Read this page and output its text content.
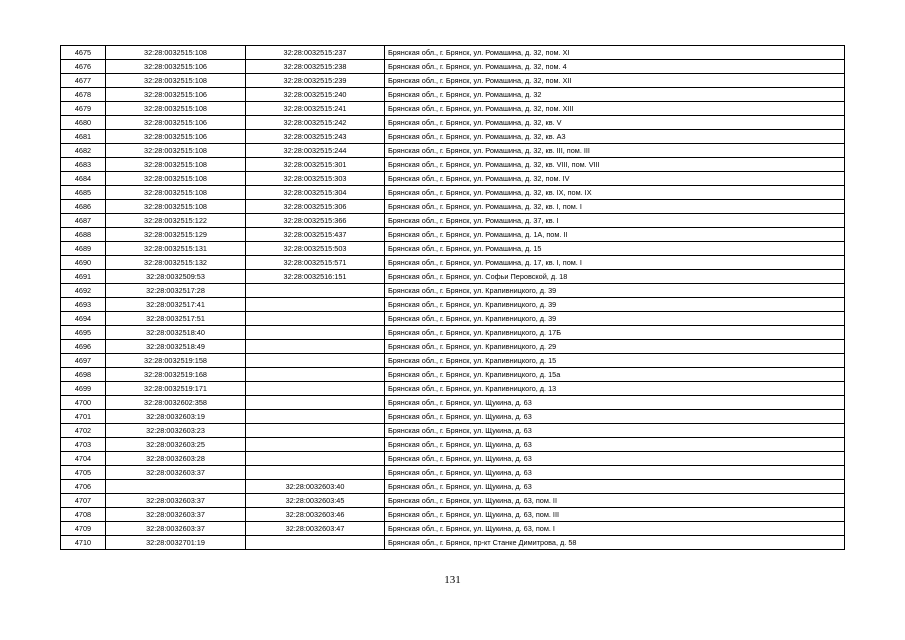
4675	32:28:0032515:108	32:28:0032515:237	Брянская обл., г. Брянск, ул. Ромашина, д. 32, пом. XI
4676	32:28:0032515:106	32:28:0032515:238	Брянская обл., г. Брянск, ул. Ромашина, д. 32, пом. 4
4677	32:28:0032515:108	32:28:0032515:239	Брянская обл., г. Брянск, ул. Ромашина, д. 32, пом. XII
4678	32:28:0032515:106	32:28:0032515:240	Брянская обл., г. Брянск, ул. Ромашина, д. 32
4679	32:28:0032515:108	32:28:0032515:241	Брянская обл., г. Брянск, ул. Ромашина, д. 32, пом. XIII
4680	32:28:0032515:106	32:28:0032515:242	Брянская обл., г. Брянск, ул. Ромашина, д. 32, кв. V
4681	32:28:0032515:106	32:28:0032515:243	Брянская обл., г. Брянск, ул. Ромашина, д. 32, кв. А3
4682	32:28:0032515:108	32:28:0032515:244	Брянская обл., г. Брянск, ул. Ромашина, д. 32, кв. III, пом. III
4683	32:28:0032515:108	32:28:0032515:301	Брянская обл., г. Брянск, ул. Ромашина, д. 32, кв. VIII, пом. VIII
4684	32:28:0032515:108	32:28:0032515:303	Брянская обл., г. Брянск, ул. Ромашина, д. 32, пом. IV
4685	32:28:0032515:108	32:28:0032515:304	Брянская обл., г. Брянск, ул. Ромашина, д. 32, кв. IX, пом. IX
4686	32:28:0032515:108	32:28:0032515:306	Брянская обл., г. Брянск, ул. Ромашина, д. 32, кв. I, пом. I
4687	32:28:0032515:122	32:28:0032515:366	Брянская обл., г. Брянск, ул. Ромашина, д. 37, кв. I
4688	32:28:0032515:129	32:28:0032515:437	Брянская обл., г. Брянск, ул. Ромашина, д. 1А, пом. II
4689	32:28:0032515:131	32:28:0032515:503	Брянская обл., г. Брянск, ул. Ромашина, д. 15
4690	32:28:0032515:132	32:28:0032515:571	Брянская обл., г. Брянск, ул. Ромашина, д. 17, кв. I, пом. I
4691	32:28:0032509:53	32:28:0032516:151	Брянская обл., г. Брянск, ул. Софьи Перовской, д. 18
4692	32:28:0032517:28		Брянская обл., г. Брянск, ул. Крапивницкого, д. 39
4693	32:28:0032517:41		Брянская обл., г. Брянск, ул. Крапивницкого, д. 39
4694	32:28:0032517:51		Брянская обл., г. Брянск, ул. Крапивницкого, д. 39
4695	32:28:0032518:40		Брянская обл., г. Брянск, ул. Крапивницкого, д. 17Б
4696	32:28:0032518:49		Брянская обл., г. Брянск, ул. Крапивницкого, д. 29
4697	32:28:0032519:158		Брянская обл., г. Брянск, ул. Крапивницкого, д. 15
4698	32:28:0032519:168		Брянская обл., г. Брянск, ул. Крапивницкого, д. 15а
4699	32:28:0032519:171		Брянская обл., г. Брянск, ул. Крапивницкого, д. 13
4700	32:28:0032602:358		Брянская обл., г. Брянск, ул. Щукина, д. 63
4701	32:28:0032603:19		Брянская обл., г. Брянск, ул. Щукина, д. 63
4702	32:28:0032603:23		Брянская обл., г. Брянск, ул. Щукина, д. 63
4703	32:28:0032603:25		Брянская обл., г. Брянск, ул. Щукина, д. 63
4704	32:28:0032603:28		Брянская обл., г. Брянск, ул. Щукина, д. 63
4705	32:28:0032603:37		Брянская обл., г. Брянск, ул. Щукина, д. 63
4706		32:28:0032603:40	Брянская обл., г. Брянск, ул. Щукина, д. 63
4707	32:28:0032603:37	32:28:0032603:45	Брянская обл., г. Брянск, ул. Щукина, д. 63, пом. II
4708	32:28:0032603:37	32:28:0032603:46	Брянская обл., г. Брянск, ул. Щукина, д. 63, пом. III
4709	32:28:0032603:37	32:28:0032603:47	Брянская обл., г. Брянск, ул. Щукина, д. 63, пом. I
4710	32:28:0032701:19		Брянская обл., г. Брянск, пр-кт Станке Димитрова, д. 58
131
